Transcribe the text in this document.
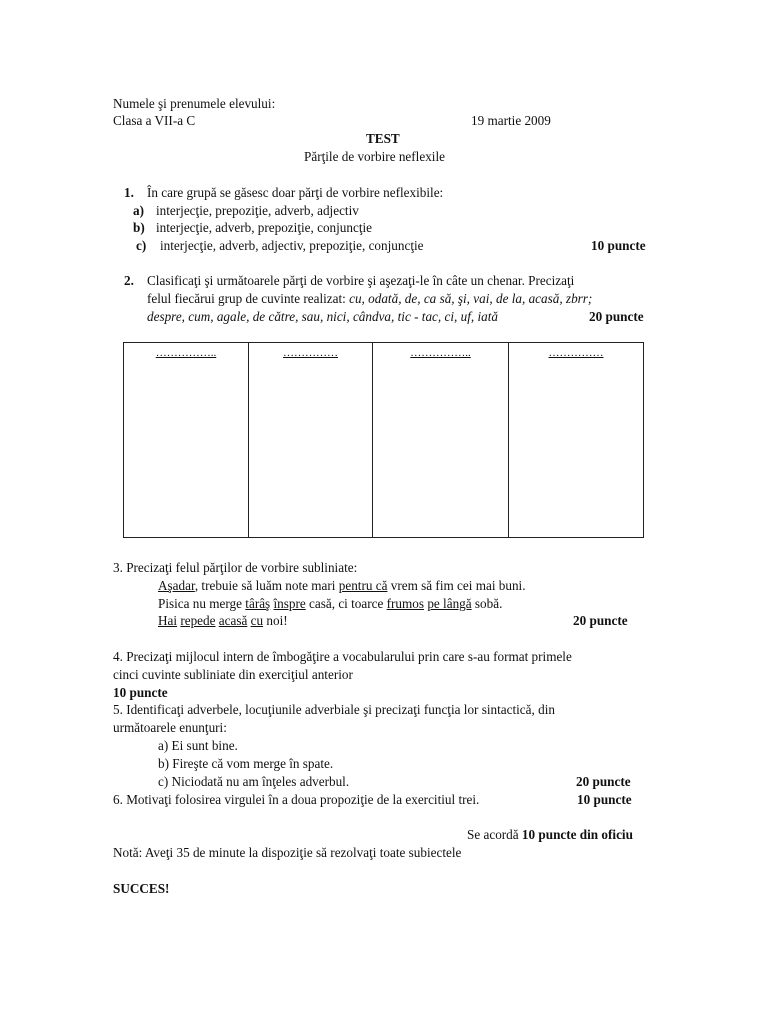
Numele şi prenumele elevului:
Clasa a VII-a C	19 martie 2009
TEST
Părţile de vorbire neflexile
1. În care grupă se găsesc doar părţi de vorbire neflexibile:
a) interjecţie, prepoziţie, adverb, adjectiv
b) interjecţie, adverb, prepoziţie, conjuncţie
c) interjecţie, adverb, adjectiv, prepoziţie, conjuncţie	10 puncte
2. Clasificaţi şi următoarele părţi de vorbire şi aşezaţi-le în câte un chenar. Precizaţi
felul fiecărui grup de cuvinte realizat: cu, odată, de, ca să, şi, vai, de la, acasă, zbrr;
despre, cum, agale, de către, sau, nici, cândva, tic - tac, ci, uf, iată	20 puncte
……………..	……………	……………..	……………
3. Precizaţi felul părţilor de vorbire subliniate:
Aşadar, trebuie să luăm note mari pentru că vrem să fim cei mai buni.
Pisica nu merge târâş înspre casă, ci toarce frumos pe lângă sobă.
Hai repede acasă cu noi!	20 puncte
4. Precizaţi mijlocul intern de îmbogăţire a vocabularului prin care s-au format primele
cinci cuvinte subliniate din exerciţiul anterior
10 puncte
5. Identificaţi adverbele, locuţiunile adverbiale şi precizaţi funcţia lor sintactică, din
următoarele enunţuri:
a) Ei sunt bine.
b) Fireşte că vom merge în spate.
c) Niciodată nu am înţeles adverbul.	20 puncte
6. Motivaţi folosirea virgulei în a doua propoziţie de la exercitiul trei.	10 puncte
Se acordă 10 puncte din oficiu
Notă: Aveţi 35 de minute la dispoziţie să rezolvaţi toate subiectele
SUCCES!
